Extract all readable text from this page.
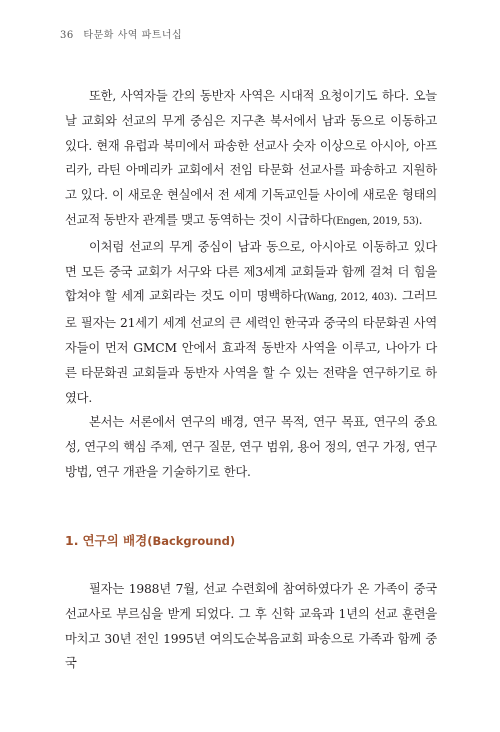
36 타문화 사역 파트너십

또한, 사역자들 간의 동반자 사역은 시대적 요청이기도 하다. 오늘날 교회와 선교의 무게 중심은 지구촌 북서에서 남과 동으로 이동하고 있다. 현재 유럽과 북미에서 파송한 선교사 숫자 이상으로 아시아, 아프리카, 라틴 아메리카 교회에서 전임 타문화 선교사를 파송하고 지원하고 있다. 이 새로운 현실에서 전 세계 기독교인들 사이에 새로운 형태의 선교적 동반자 관계를 맺고 동역하는 것이 시급하다(Engen, 2019, 53).

이처럼 선교의 무게 중심이 남과 동으로, 아시아로 이동하고 있다면 모든 중국 교회가 서구와 다른 제3세계 교회들과 함께 걸쳐 더 힘을 합쳐야 할 세계 교회라는 것도 이미 명백하다(Wang, 2012, 403). 그러므로 필자는 21세기 세계 선교의 큰 세력인 한국과 중국의 타문화권 사역자들이 먼저 GMCM 안에서 효과적 동반자 사역을 이루고, 나아가 다른 타문화권 교회들과 동반자 사역을 할 수 있는 전략을 연구하기로 하였다.

본서는 서론에서 연구의 배경, 연구 목적, 연구 목표, 연구의 중요성, 연구의 핵심 주제, 연구 질문, 연구 범위, 용어 정의, 연구 가정, 연구 방법, 연구 개관을 기술하기로 한다.

1. 연구의 배경(Background)

필자는 1988년 7월, 선교 수련회에 참여하였다가 온 가족이 중국 선교사로 부르심을 받게 되었다. 그 후 신학 교육과 1년의 선교 훈련을 마치고 30년 전인 1995년 여의도순복음교회 파송으로 가족과 함께 중국
